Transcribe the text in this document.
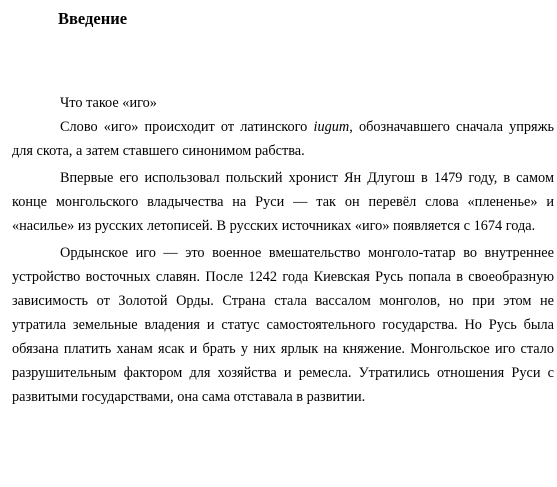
Введение

Что такое «иго»

Слово «иго» происходит от латинского iugum, обозначавшего сначала упряжь для скота, а затем ставшего синонимом рабства.

Впервые его использовал польский хронист Ян Длугош в 1479 году, в самом конце монгольского владычества на Руси — так он перевёл слова «плененье» и «насилье» из русских летописей. В русских источниках «иго» появляется с 1674 года.

Ордынское иго — это военное вмешательство монголо-татар во внутреннее устройство восточных славян. После 1242 года Киевская Русь попала в своеобразную зависимость от Золотой Орды. Страна стала вассалом монголов, но при этом не утратила земельные владения и статус самостоятельного государства. Но Русь была обязана платить ханам ясак и брать у них ярлык на княжение. Монгольское иго стало разрушительным фактором для хозяйства и ремесла. Утратились отношения Руси с развитыми государствами, она сама отставала в развитии.
